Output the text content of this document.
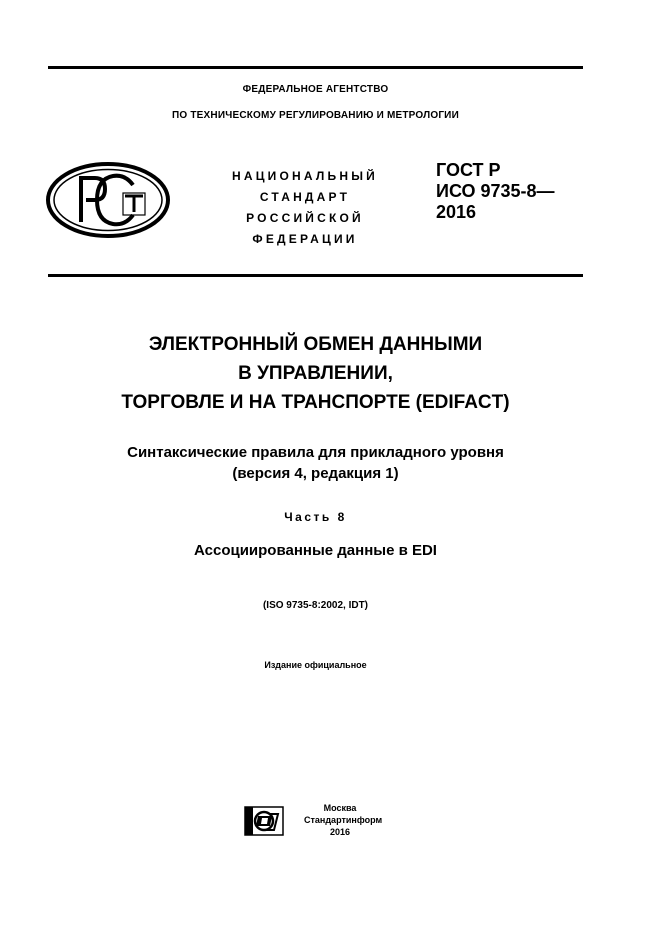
ФЕДЕРАЛЬНОЕ АГЕНТСТВО
ПО ТЕХНИЧЕСКОМУ РЕГУЛИРОВАНИЮ И МЕТРОЛОГИИ
НАЦИОНАЛЬНЫЙ
СТАНДАРТ
РОССИЙСКОЙ
ФЕДЕРАЦИИ
ГОСТ Р
ИСО 9735-8—
2016
ЭЛЕКТРОННЫЙ ОБМЕН ДАННЫМИ
В УПРАВЛЕНИИ,
ТОРГОВЛЕ И НА ТРАНСПОРТЕ (EDIFACT)
Синтаксические правила для прикладного уровня
(версия 4, редакция 1)
Часть 8
Ассоциированные данные в EDI
(ISO 9735-8:2002, IDT)
Издание официальное
Москва
Стандартинформ
2016
